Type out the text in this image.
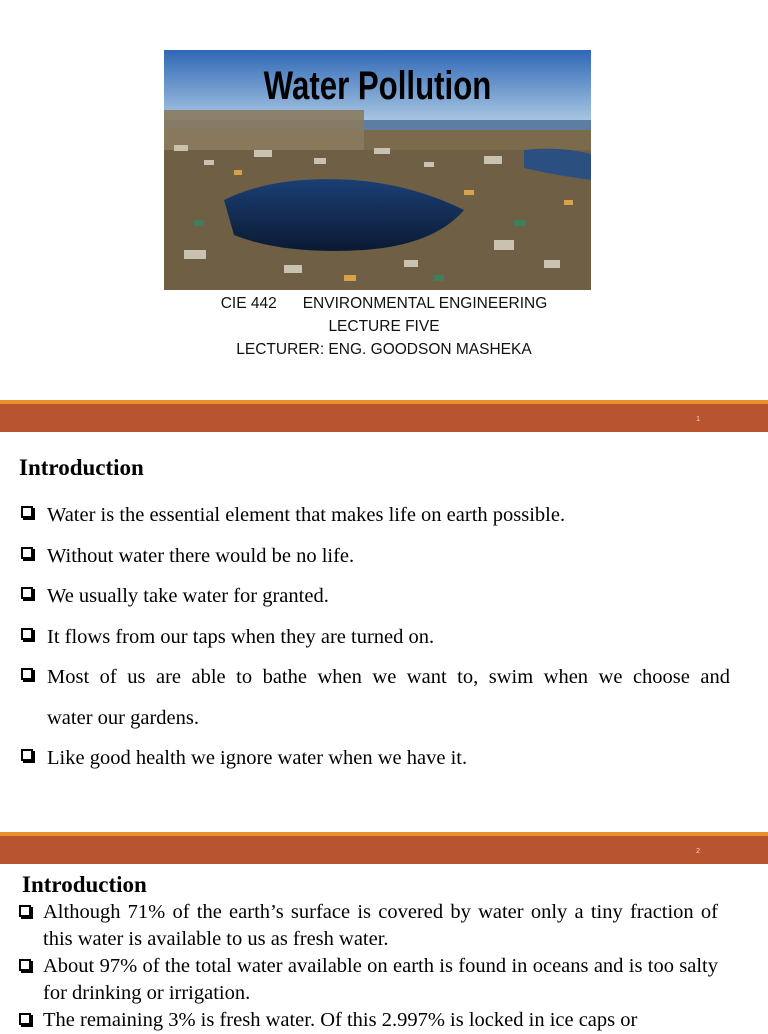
Water Pollution
CIE 442 ENVIRONMENTAL ENGINEERING
LECTURE FIVE
LECTURER: ENG. GOODSON MASHEKA
1
Introduction
Water is the essential element that makes life on earth possible.
Without water there would be no life.
We usually take water for granted.
It flows from our taps when they are turned on.
Most of us are able to bathe when we want to, swim when we choose and
water our gardens.
Like good health we ignore water when we have it.
2
Introduction
Although 71% of the earth’s surface is covered by water only a tiny fraction of this water is available to us as fresh water.
About 97% of the total water available on earth is found in oceans and is too salty for drinking or irrigation.
The remaining 3% is fresh water. Of this 2.997% is locked in ice caps or
